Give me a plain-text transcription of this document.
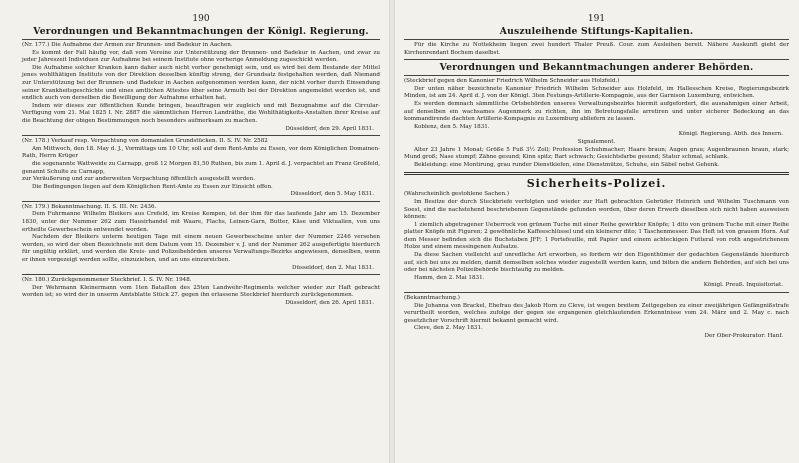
190
Verordnungen und Bekanntmachungen der Königl. Regierung.

(Nr. 177.) Die Aufnahme der Armen zur Brunnen- und Badekur in Aachen.

Es kommt der Fall häufig vor, daß vom Vereine zur Unterstützung der Brunnen- und Badekur in Aachen, und zwar zu jeder Jahreszeit Individuen zur Aufnahme bei seinem Institute ohne vorherige Anmeldung zugeschickt werden.

Die Aufnahme solcher Kranken kann daher auch nicht vorher genehmigt sein, und es wird bei dem Bestande der Mittel jenes wohlthätigen Instituts von der Direktion desselben künftig streng, der Grundsatz festgehalten werden, daß Niemand zur Unterstützung bei der Brunnen- und Badekur in Aachen aufgenommen werden kann, der nicht vorher durch Einsendung seiner Krankheitsgeschichte und eines amtlichen Attestes über seine Armuth bei der Direktion angemeldet worden ist, und endlich auch von derselben die Bewilligung der Aufnahme erhalten hat.

Indem wir dieses zur öffentlichen Kunde bringen, beauftragen wir zugleich und mit Bezugnahme auf die Circular-Verfügung vom 21. Mai 1825 I. Nr. 2887 die sämmtlichen Herren Landräthe, die Wohlthätigkeits-Anstalten ihrer Kreise auf die Beachtung der obigen Bestimmungen noch besonders aufmerksam zu machen.

Düsseldorf, den 29. April 1831.

(Nr. 178.) Verkauf resp. Verpachtung von domanialen Grundstücken. II. S. IV. Nr. 2582

Am Mittwoch, den 18. May d. J., Vormittags um 10 Uhr, soll auf dem Rent-Amte zu Essen, vor dem Königlichen Domainen-Rath, Herrn Krüger

die sogenannte Wattweide zu Carnapp, groß 12 Morgen 81,50 Ruthen, bis zum 1. April d. J. verpachtet an Franz Großfeld, genannt Schulte zu Carnapp,

zur Veräußerung und zur anderweiten Verpachtung öffentlich ausgestellt werden.

Die Bedingungen liegen auf dem Königlichen Rent-Amte zu Essen zur Einsicht offen.

Düsseldorf, den 5. May 1831.

(Nr. 179.) Bekanntmachung. II. S. III. Nr. 2436.

Dem Fuhrmanne Wilhelm Bleikers aus Crefeld, im Kreise Kempen, ist der ihm für das laufende Jahr am 15. Dezember 1830, unter der Nummer 262 zum Hausirhandel mit Waare, Flachs, Leinen-Garn, Butter, Käse und Viktualien, von uns ertheilte Gewerbeschein entwendet worden.

Nachdem der Bleikers unterm heutigen Tage mit einem neuen Gewerbescheine unter der Nummer 2246 versehen worden, so wird der oben Bezeichnete mit dem Datum vom 15. Dezember v. J. und der Nummer 262 ausgefertigte hierdurch für ungültig erklärt, und werden die Kreis- und Polizeibehörden unseres Verwaltungs-Bezirks angewiesen, denselben, wenn er ihnen vorgezeigt werden sollte, einzuziehen, und an uns einzureichen.

Düsseldorf, den 2. Mai 1831.

(Nr. 180.) Zurückgenommener Steckbrief. I. S. IV. Nr. 1948.

Der Wehrmann Kleinermann vom 1ten Bataillon des 25ten Landwehr-Regiments welcher wieder zur Haft gebracht worden ist; so wird der in unserm Amtsblatte Stück 27. gegen ihn erlassene Steckbrief hierdurch zurückgenommen.

Düsseldorf, den 26. April 1831.

191
Auszuleihende Stiftungs-Kapitalien.

Für die Kirche zu Nottekheim liegen zwei hundert Thaler Preuß. Cour. zum Ausleihen bereit. Nähere Auskunft giebt der Kirchenrendant Bochem daselbst.

Verordnungen und Bekanntmachungen anderer Behörden.

(Steckbrief gegen den Kanonier Friedrich Wilhelm Schneider aus Holzfeld.)

Der unten näher bezeichnete Kanonier Friedrich Wilhelm Schneider aus Holzfeld, im Hallesschen Kreise, Regierungsbezirk Minden, ist am 24. April d. J. von der Königl. 3ten Festungs-Artillerie-Kompagnie, aus der Garnison Luxemburg, entwichen.

Es werden demnach sämmtliche Ortsbehörden unseres Verwaltungsbezirks hiermit aufgefordert, die ausnahmigen einer Arbeit, auf denselben ein wachsames Augenmerk zu richten, ihn im Betretungsfalle arretiren und unter sicherer Bedeckung an das kommandirende dachten Artillerie-Kompagnie zu Luxemburg abliefern zu lassen.

Koblenz, den 5. May 1831.

Königl. Regierung. Abth. des Innern.

Signalement.

Alter 23 Jahre 1 Monat; Größe 5 Fuß 3½ Zoll; Profession Schuhmacher; Haare braun; Augen grau; Augenbraunen braun, stark; Mund groß; Nase stumpf; Zähne gesund; Kinn spitz; Bart schwach; Gesichtsfarbe gesund; Statur schmal, schlank.

Bekleidung: eine Montirung, grau runder Dienstkiefen, eine Dienstmütze, Schuhe, ein Säbel nebst Gehenk.

Sicherheits-Polizei.

(Wahrscheinlich gestohlene Sachen.)

Im Besitze der durch Steckbriefe verfolgten und wieder zur Haft gebrachten Gebrüder Heinrich und Wilhelm Tuschmann von Soest, sind die nachstehend beschriebenen Gegenstände gefunden worden, über deren Erwerb dieselben sich nicht haben ausweisen können:

1 ziemlich abgetragener Ueberrock von grünem Tuche mit einer Reihe gewirkter Knöpfe; 1 dito von grünem Tuche mit einer Reihe platter Knöpfe mit Figuren; 2 gewöhnliche Kaffeeschlüssel und ein kleinerer dito; 1 Taschenmesser. Das Heft ist von grauem Horn. Auf dem Messer befinden sich die Buchstaben JFF; 1 Portefeuille, mit Papier und einem achteckigen Futteral von roth angestrichenem Holze und einem messingenen Aufsatze.

Da diese Sachen vielleicht auf unredliche Art erworben, so fordern wir den Eigenthümer der gedachten Gegenstände hierdurch auf, sich bei uns zu melden, damit demselben solches wieder zugestellt werden kann, und bitten die andern Behörden, auf sich bei uns oder bei nächsten Polizeibehörde bischtaufig zu melden.

Hamm, den 2. Mai 1831.

Königl. Preuß. Inquisitoriat.

(Bekanntmachung.)

Die Johanna von Brackel, Ehefrau des Jakob Horn zu Cleve, ist wegen breitem Zeitgegeben zu einer zweijährigen Gefängnißstrafe verurtheilt worden, welches zufolge der gegen sie ergangenen gleichlautenden Erkenntnisse vom 24. März und 2. May c. nach gesetzlicher Vorschrift hiermit bekannt gemacht wird.

Cleve, den 2. May 1831.

Der Ober-Prokurator: Hanf.
